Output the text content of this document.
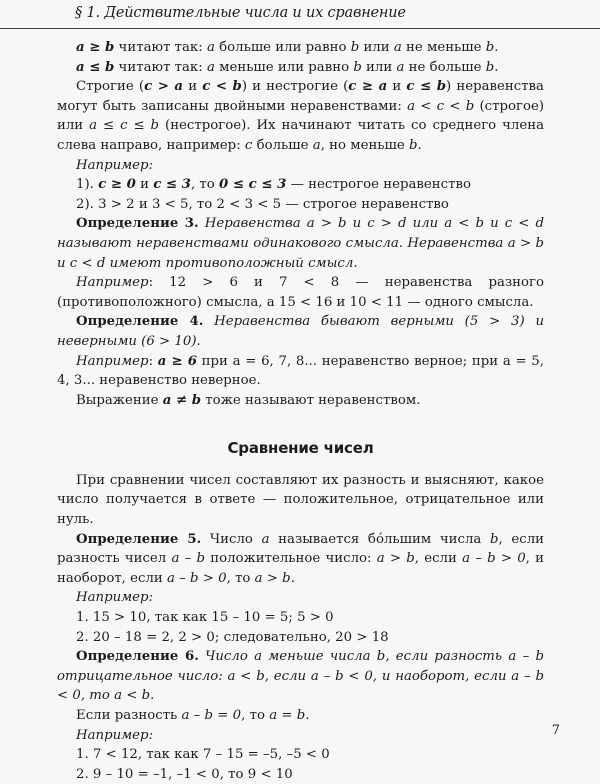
§ 1. Действительные числа и их сравнение

a ≥ b читают так: a больше или равно b или a не меньше b.

a ≤ b читают так: a меньше или равно b или a не больше b.

Строгие (c > a и c < b) и нестрогие (c ≥ a и c ≤ b) неравенства могут быть записаны двойными неравенствами: a < c < b (строгое) или a ≤ c ≤ b (нестрогое). Их начинают читать со среднего члена слева направо, например: c больше a, но меньше b.

Например:

1). c ≥ 0 и c ≤ 3, то 0 ≤ c ≤ 3 — нестрогое неравенство

2). 3 > 2 и 3 < 5, то 2 < 3 < 5 — строгое неравенство

Определение 3. Неравенства a > b и c > d или a < b и c < d называют неравенствами одинакового смысла. Неравенства a > b и c < d имеют противоположный смысл.

Например: 12 > 6 и 7 < 8 — неравенства разного (противоположного) смысла, а 15 < 16 и 10 < 11 — одного смысла.

Определение 4. Неравенства бывают верными (5 > 3) и неверными (6 > 10).

Например: a ≥ 6 при a = 6, 7, 8... неравенство верное; при a = 5, 4, 3... неравенство неверное.

Выражение a ≠ b тоже называют неравенством.

Сравнение чисел

При сравнении чисел составляют их разность и выясняют, какое число получается в ответе — положительное, отрицательное или нуль.

Определение 5. Число a называется бо́льшим числа b, если разность чисел a – b положительное число: a > b, если a – b > 0, и наоборот, если a – b > 0, то a > b.

Например:

1. 15 > 10, так как 15 – 10 = 5; 5 > 0

2. 20 – 18 = 2, 2 > 0; следовательно, 20 > 18

Определение 6. Число a меньше числа b, если разность a – b отрицательное число: a < b, если a – b < 0, и наоборот, если a – b < 0, то a < b.

Если разность a – b = 0, то a = b.

Например:

1. 7 < 12, так как 7 – 15 = –5, –5 < 0

2. 9 – 10 = –1, –1 < 0, то 9 < 10

7
